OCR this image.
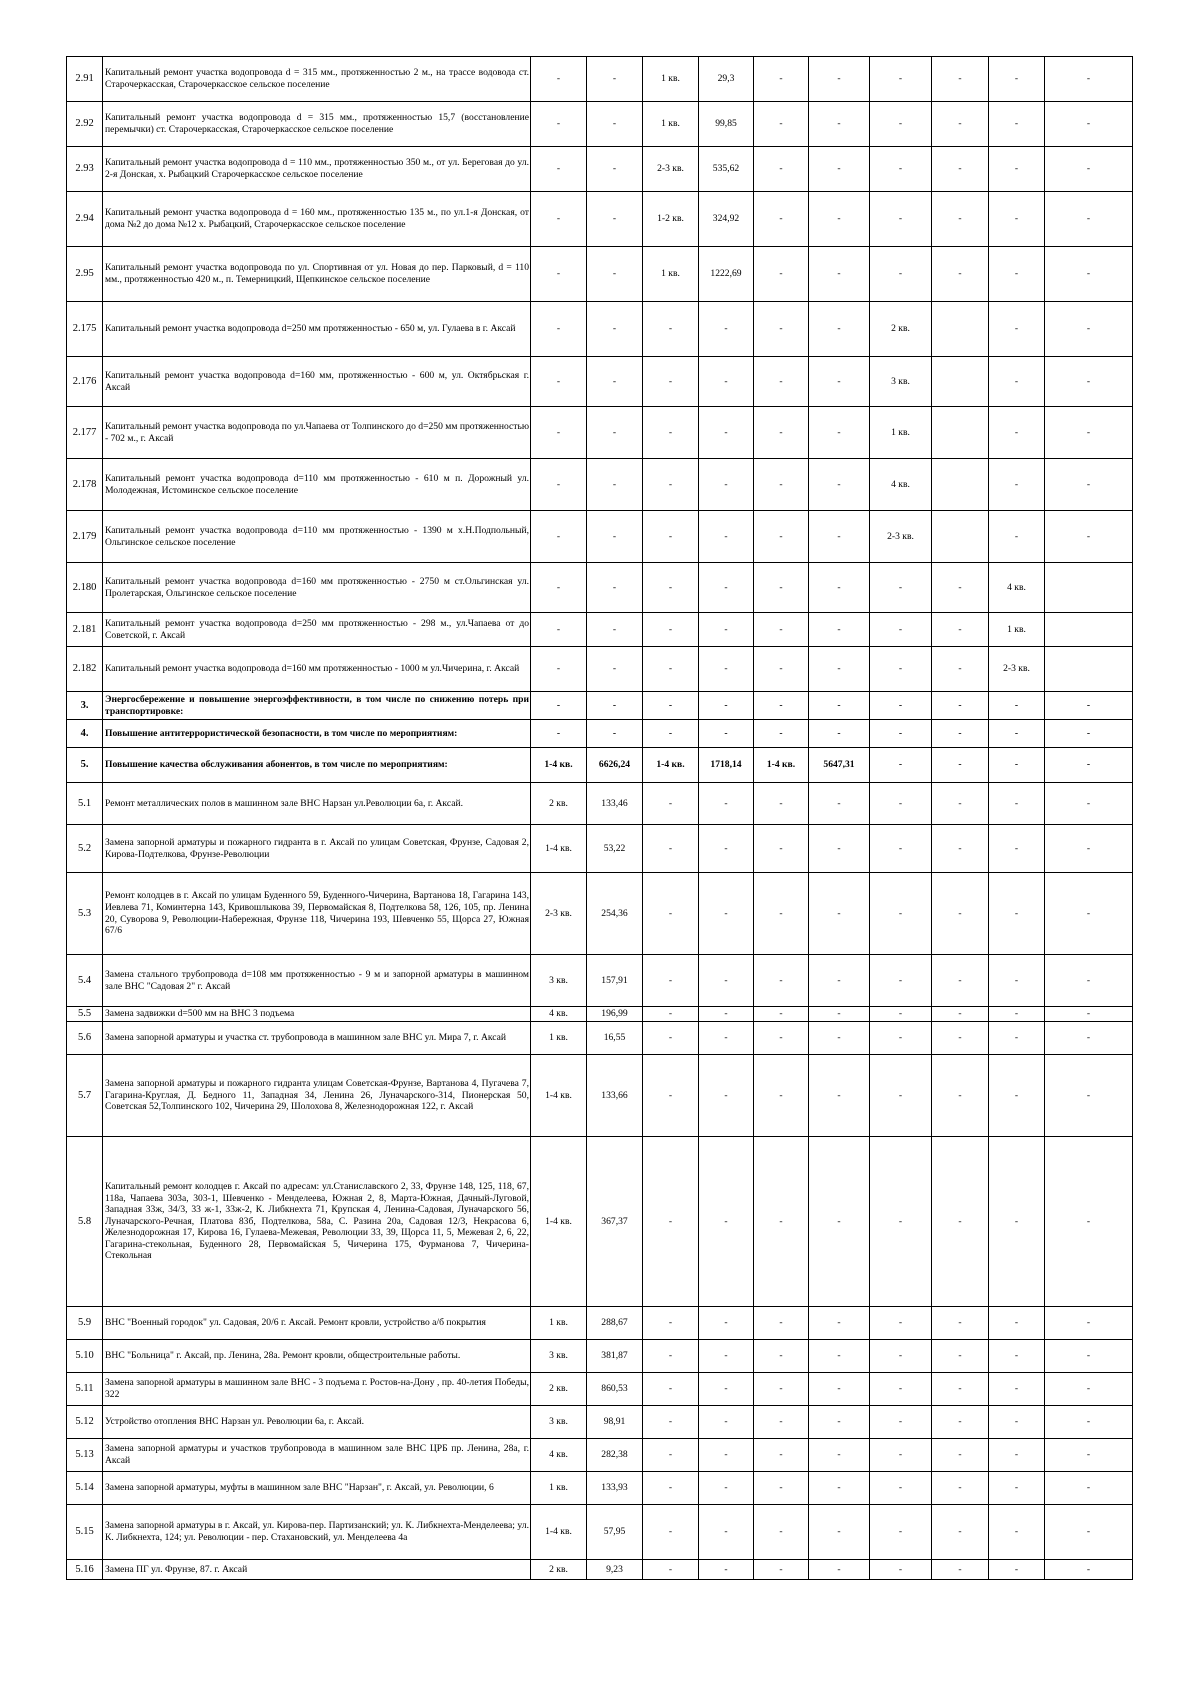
2.91	Капитальный ремонт участка водопровода d = 315 мм., протяженностью 2 м., на трассе водовода ст. Старочеркасская, Старочеркасское сельское поселение	-	-	1 кв.	29,3	-	-	-	-	-	-
2.92	Капитальный ремонт участка водопровода d = 315 мм., протяженностью 15,7 (восстановление перемычки) ст. Старочеркасская, Старочеркасское сельское поселение	-	-	1 кв.	99,85	-	-	-	-	-	-
2.93	Капитальный ремонт участка водопровода d = 110 мм., протяженностью 350 м., от ул. Береговая до ул. 2-я Донская, х. Рыбацкий Старочеркасское сельское поселение	-	-	2-3 кв.	535,62	-	-	-	-	-	-
2.94	Капитальный ремонт участка водопровода d = 160 мм., протяженностью 135 м., по ул.1-я Донская, от дома №2 до дома №12 х. Рыбацкий, Старочеркасское сельское поселение	-	-	1-2 кв.	324,92	-	-	-	-	-	-
2.95	Капитальный ремонт участка водопровода по ул. Спортивная от ул. Новая до пер. Парковый, d = 110 мм., протяженностью 420 м., п. Темерницкий, Щепкинское сельское поселение	-	-	1 кв.	1222,69	-	-	-	-	-	-
2.175	Капитальный ремонт участка водопровода d=250 мм протяженностью - 650 м, ул. Гулаева в г. Аксай	-	-	-	-	-	-	2 кв.		-	-
2.176	Капитальный ремонт участка водопровода d=160 мм, протяженностью - 600 м, ул. Октябрьская г. Аксай	-	-	-	-	-	-	3 кв.		-	-
2.177	Капитальный ремонт участка водопровода по ул.Чапаева от Толпинского до d=250 мм протяженностью - 702 м., г. Аксай	-	-	-	-	-	-	1 кв.		-	-
2.178	Капитальный ремонт участка водопровода d=110 мм протяженностью - 610 м п. Дорожный ул. Молодежная, Истоминское сельское поселение	-	-	-	-	-	-	4 кв.		-	-
2.179	Капитальный ремонт участка водопровода d=110 мм протяженностью - 1390 м х.Н.Подпольный, Ольгинское сельское поселение	-	-	-	-	-	-	2-3 кв.		-	-
2.180	Капитальный ремонт участка водопровода d=160 мм протяженностью - 2750 м ст.Ольгинская ул. Пролетарская, Ольгинское сельское поселение	-	-	-	-	-	-	-	-	4 кв.	
2.181	Капитальный ремонт участка водопровода d=250 мм протяженностью - 298 м., ул.Чапаева от до Советской, г. Аксай	-	-	-	-	-	-	-	-	1 кв.	
2.182	Капитальный ремонт участка водопровода d=160 мм протяженностью - 1000 м ул.Чичерина, г. Аксай	-	-	-	-	-	-	-	-	2-3 кв.	
3.	Энергосбережение и повышение энергоэффективности, в том числе по снижению потерь при транспортировке:	-	-	-	-	-	-	-	-	-	-
4.	Повышение антитеррористической безопасности, в том числе по мероприятиям:	-	-	-	-	-	-	-	-	-	-
5.	Повышение качества обслуживания абонентов, в том числе по мероприятиям:	1-4 кв.	6626,24	1-4 кв.	1718,14	1-4 кв.	5647,31	-	-	-	-
5.1	Ремонт металлических полов в машинном зале ВНС Нарзан ул.Революции 6а, г. Аксай.	2 кв.	133,46	-	-	-	-	-	-	-	-
5.2	Замена запорной арматуры и пожарного гидранта в г. Аксай по улицам Советская, Фрунзе, Садовая 2, Кирова-Подтелкова, Фрунзе-Революции	1-4 кв.	53,22	-	-	-	-	-	-	-	-
5.3	Ремонт колодцев в г. Аксай по улицам Буденного 59, Буденного-Чичерина, Вартанова 18, Гагарина 143, Иевлева 71, Коминтерна 143, Кривошлыкова 39, Первомайская 8, Подтелкова 58, 126, 105, пр. Ленина 20, Суворова 9, Революции-Набережная, Фрунзе 118, Чичерина 193, Шевченко 55, Щорса 27, Южная 67/6	2-3 кв.	254,36	-	-	-	-	-	-	-	-
5.4	Замена стального трубопровода d=108 мм протяженностью - 9 м и запорной арматуры в машинном зале ВНС "Садовая 2" г. Аксай	3 кв.	157,91	-	-	-	-	-	-	-	-
5.5	Замена задвижки d=500 мм на ВНС 3 подъема	4 кв.	196,99	-	-	-	-	-	-	-	-
5.6	Замена запорной арматуры и участка ст. трубопровода в машинном зале ВНС ул. Мира 7, г. Аксай	1 кв.	16,55	-	-	-	-	-	-	-	-
5.7	Замена запорной арматуры и пожарного гидранта улицам Советская-Фрунзе, Вартанова 4, Пугачева 7, Гагарина-Круглая, Д. Бедного 11, Западная 34, Ленина 26, Луначарского-314, Пионерская 50, Советская 52,Толпинского 102, Чичерина 29, Шолохова 8, Железнодорожная 122, г. Аксай	1-4 кв.	133,66	-	-	-	-	-	-	-	-
5.8	Капитальный ремонт колодцев г. Аксай по адресам: ул.Станиславского 2, 33, Фрунзе 148, 125, 118, 67, 118а, Чапаева 303а, 303-1, Шевченко - Менделеева, Южная 2, 8, Марта-Южная, Дачный-Луговой, Западная 33ж, 34/3, 33 ж-1, 33ж-2, К. Либкнехта 71, Крупская 4, Ленина-Садовая, Луначарского 56, Луначарского-Речная, Платова 83б, Подтелкова, 58а, С. Разина 20а, Садовая 12/3, Некрасова 6, Железнодорожная 17, Кирова 16, Гулаева-Межевая, Революции 33, 39, Щорса 11, 5, Межевая 2, 6, 22, Гагарина-стекольная, Буденного 28, Первомайская 5, Чичерина 175, Фурманова 7, Чичерина-Стекольная	1-4 кв.	367,37	-	-	-	-	-	-	-	-
5.9	ВНС "Военный городок" ул. Садовая, 20/6 г. Аксай. Ремонт кровли, устройство а/б покрытия	1 кв.	288,67	-	-	-	-	-	-	-	-
5.10	ВНС "Больница" г. Аксай, пр. Ленина, 28а. Ремонт кровли, общестроительные работы.	3 кв.	381,87	-	-	-	-	-	-	-	-
5.11	Замена запорной арматуры в машинном зале ВНС - 3 подъема г. Ростов-на-Дону , пр. 40-летия Победы, 322	2 кв.	860,53	-	-	-	-	-	-	-	-
5.12	Устройство отопления ВНС Нарзан ул. Революции 6а, г. Аксай.	3 кв.	98,91	-	-	-	-	-	-	-	-
5.13	Замена запорной арматуры и участков трубопровода в машинном зале ВНС ЦРБ пр. Ленина, 28а, г. Аксай	4 кв.	282,38	-	-	-	-	-	-	-	-
5.14	Замена запорной арматуры, муфты в машинном зале ВНС "Нарзан", г. Аксай, ул. Революции, 6	1 кв.	133,93	-	-	-	-	-	-	-	-
5.15	Замена запорной арматуры в г. Аксай, ул. Кирова-пер. Партизанский; ул. К. Либкнехта-Менделеева; ул. К. Либкнехта, 124; ул. Революции - пер. Стахановский, ул. Менделеева 4а	1-4 кв.	57,95	-	-	-	-	-	-	-	-
5.16	Замена ПГ ул. Фрунзе, 87. г. Аксай	2 кв.	9,23	-	-	-	-	-	-	-	-
